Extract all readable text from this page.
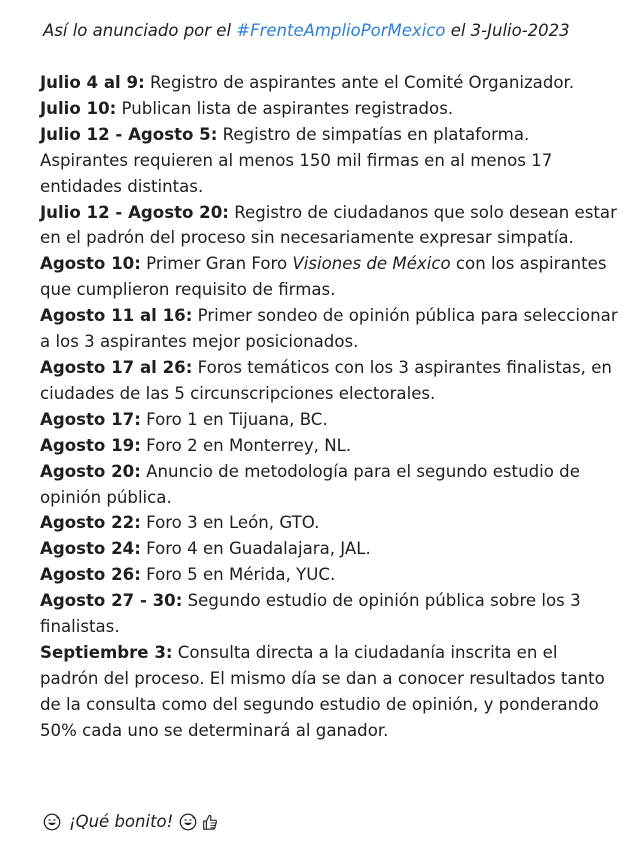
Así lo anunciado por el #FrenteAmplioPorMexico el 3-Julio-2023

Julio 4 al 9: Registro de aspirantes ante el Comité Organizador.

Julio 10: Publican lista de aspirantes registrados.

Julio 12 - Agosto 5: Registro de simpatías en plataforma. Aspirantes requieren al menos 150 mil firmas en al menos 17 entidades distintas.

Julio 12 - Agosto 20: Registro de ciudadanos que solo desean estar en el padrón del proceso sin necesariamente expresar simpatía.

Agosto 10: Primer Gran Foro Visiones de México con los aspirantes que cumplieron requisito de firmas.

Agosto 11 al 16: Primer sondeo de opinión pública para seleccionar a los 3 aspirantes mejor posicionados.

Agosto 17 al 26: Foros temáticos con los 3 aspirantes finalistas, en ciudades de las 5 circunscripciones electorales.

Agosto 17: Foro 1 en Tijuana, BC.

Agosto 19: Foro 2 en Monterrey, NL.

Agosto 20: Anuncio de metodología para el segundo estudio de opinión pública.

Agosto 22: Foro 3 en León, GTO.

Agosto 24: Foro 4 en Guadalajara, JAL.

Agosto 26: Foro 5 en Mérida, YUC.

Agosto 27 - 30: Segundo estudio de opinión pública sobre los 3 finalistas.

Septiembre 3: Consulta directa a la ciudadanía inscrita en el padrón del proceso. El mismo día se dan a conocer resultados tanto de la consulta como del segundo estudio de opinión, y ponderando 50% cada uno se determinará al ganador.

¡Qué bonito!
